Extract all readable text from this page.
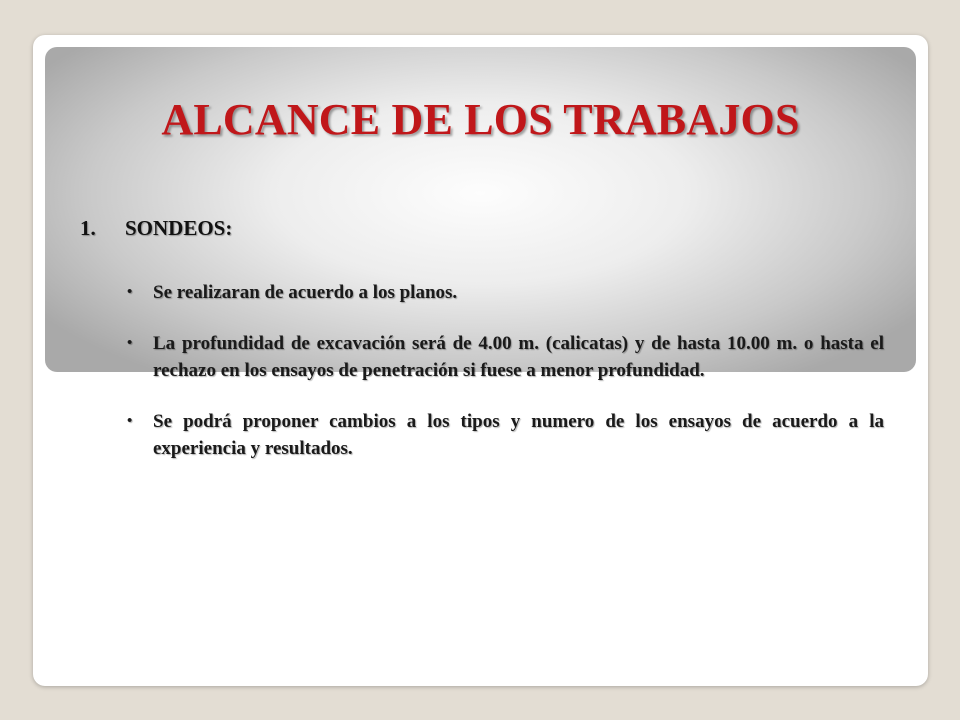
ALCANCE DE LOS TRABAJOS
1.	SONDEOS:
• Se realizaran de acuerdo a los planos.
• La profundidad de excavación será de 4.00 m. (calicatas) y de hasta 10.00 m. o hasta el rechazo en los ensayos de penetración si fuese a menor profundidad.
• Se podrá proponer cambios a los tipos y numero de los ensayos de acuerdo a la experiencia y resultados.
